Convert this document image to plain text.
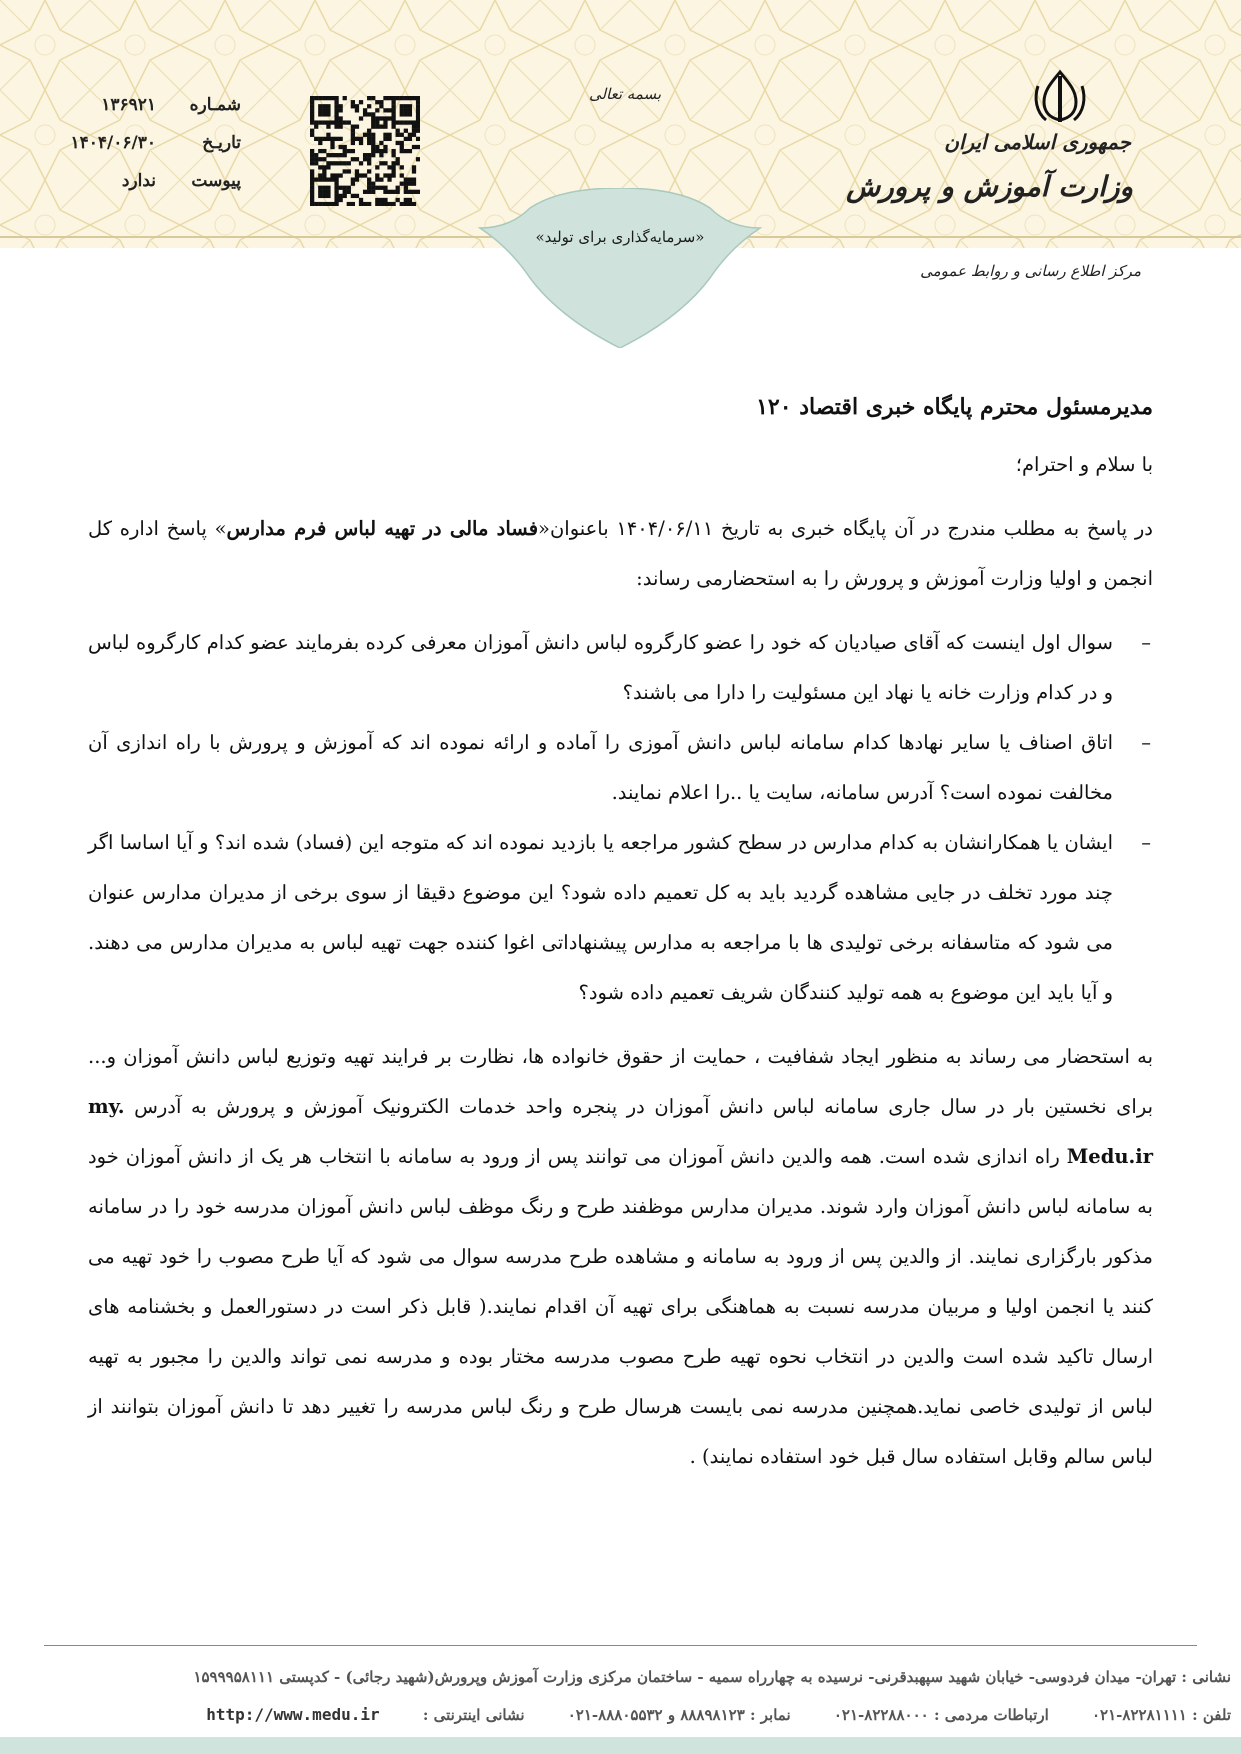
«سرمایه‌گذاری برای تولید»
جمهوری اسلامی ایران
وزارت آموزش و پرورش
مرکز اطلاع رسانی و روابط عمومی
بسمه تعالی
شمـاره
تاریـخ
پیوست
۱۳۶۹۲۱
۱۴۰۴/۰۶/۳۰
ندارد
مدیرمسئول محترم پایگاه خبری اقتصاد ۱۲۰
با سلام و احترام؛

در پاسخ به مطلب مندرج در آن پایگاه خبری به تاریخ ۱۴۰۴/۰۶/۱۱ باعنوان«فساد مالی در تهیه لباس فرم مدارس» پاسخ اداره کل انجمن و اولیا وزارت آموزش و پرورش را به استحضارمی رساند:

–
سوال اول اینست که آقای صیادیان که خود را عضو کارگروه لباس دانش آموزان معرفی کرده بفرمایند عضو کدام کارگروه لباس و در کدام وزارت خانه یا نهاد این مسئولیت را دارا می باشند؟
–
اتاق اصناف یا سایر نهادها کدام سامانه لباس دانش آموزی را آماده و ارائه نموده اند که آموزش و پرورش با راه اندازی آن مخالفت نموده است؟ آدرس سامانه، سایت یا ..را اعلام نمایند.
–
ایشان یا همکارانشان به کدام مدارس در سطح کشور مراجعه یا بازدید نموده اند که متوجه این (فساد) شده اند؟ و آیا اساسا اگر چند مورد تخلف در جایی مشاهده گردید باید به کل تعمیم داده شود؟ این موضوع دقیقا از سوی برخی از مدیران مدارس عنوان می شود که متاسفانه برخی تولیدی ها با مراجعه به مدارس پیشنهاداتی اغوا کننده جهت تهیه لباس به مدیران مدارس می دهند. و آیا باید این موضوع به همه تولید کنندگان شریف تعمیم داده شود؟

به استحضار می رساند به منظور ایجاد شفافیت ، حمایت از حقوق خانواده ها، نظارت بر فرایند تهیه وتوزیع لباس دانش آموزان و... برای نخستین بار در سال جاری سامانه لباس دانش آموزان در پنجره واحد خدمات الکترونیک آموزش و پرورش به آدرس my. Medu.ir راه اندازی شده است. همه والدین دانش آموزان می توانند پس از ورود به سامانه با انتخاب هر یک از دانش آموزان خود به سامانه لباس دانش آموزان وارد شوند. مدیران مدارس موظفند طرح و رنگ موظف لباس دانش آموزان مدرسه خود را در سامانه مذکور بارگزاری نمایند. از والدین پس از ورود به سامانه و مشاهده طرح مدرسه سوال می شود که آیا طرح مصوب را خود تهیه می کنند یا انجمن اولیا و مربیان مدرسه نسبت به هماهنگی برای تهیه آن اقدام نمایند.( قابل ذکر است در دستورالعمل و بخشنامه های ارسال تاکید شده است والدین در انتخاب نحوه تهیه طرح مصوب مدرسه مختار بوده و مدرسه نمی تواند والدین را مجبور به تهیه لباس از تولیدی خاصی نماید.همچنین مدرسه نمی بایست هرسال طرح و رنگ لباس مدرسه را تغییر دهد تا دانش آموزان بتوانند از لباس سالم وقابل استفاده سال قبل خود استفاده نمایند) .

نشانی : تهران- میدان فردوسی- خیابان شهید سپهبدقرنی- نرسیده به چهارراه سمیه - ساختمان مرکزی وزارت آموزش وپرورش(شهید رجائی) - کدپستی ۱۵۹۹۹۵۸۱۱۱
تلفن : ۸۲۲۸۱۱۱۱-۰۲۱ ارتباطات مردمی : ۸۲۲۸۸۰۰۰-۰۲۱ نمابر : ۸۸۸۹۸۱۲۳ و ۸۸۸۰۵۵۳۲-۰۲۱ نشانی اینترنتی : http://www.medu.ir
